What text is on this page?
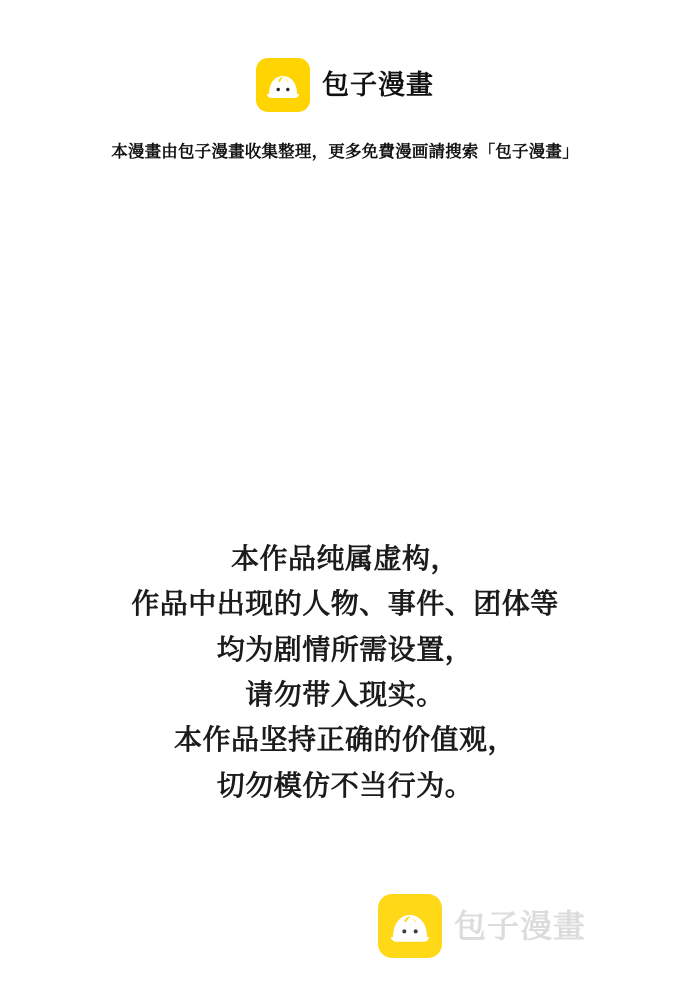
包子漫畫
本漫畫由包子漫畫收集整理，更多免費漫画請搜索「包子漫畫」
本作品纯属虚构，
作品中出现的人物、事件、团体等
均为剧情所需设置，
请勿带入现实。
本作品坚持正确的价值观，
切勿模仿不当行为。
包子漫畫
